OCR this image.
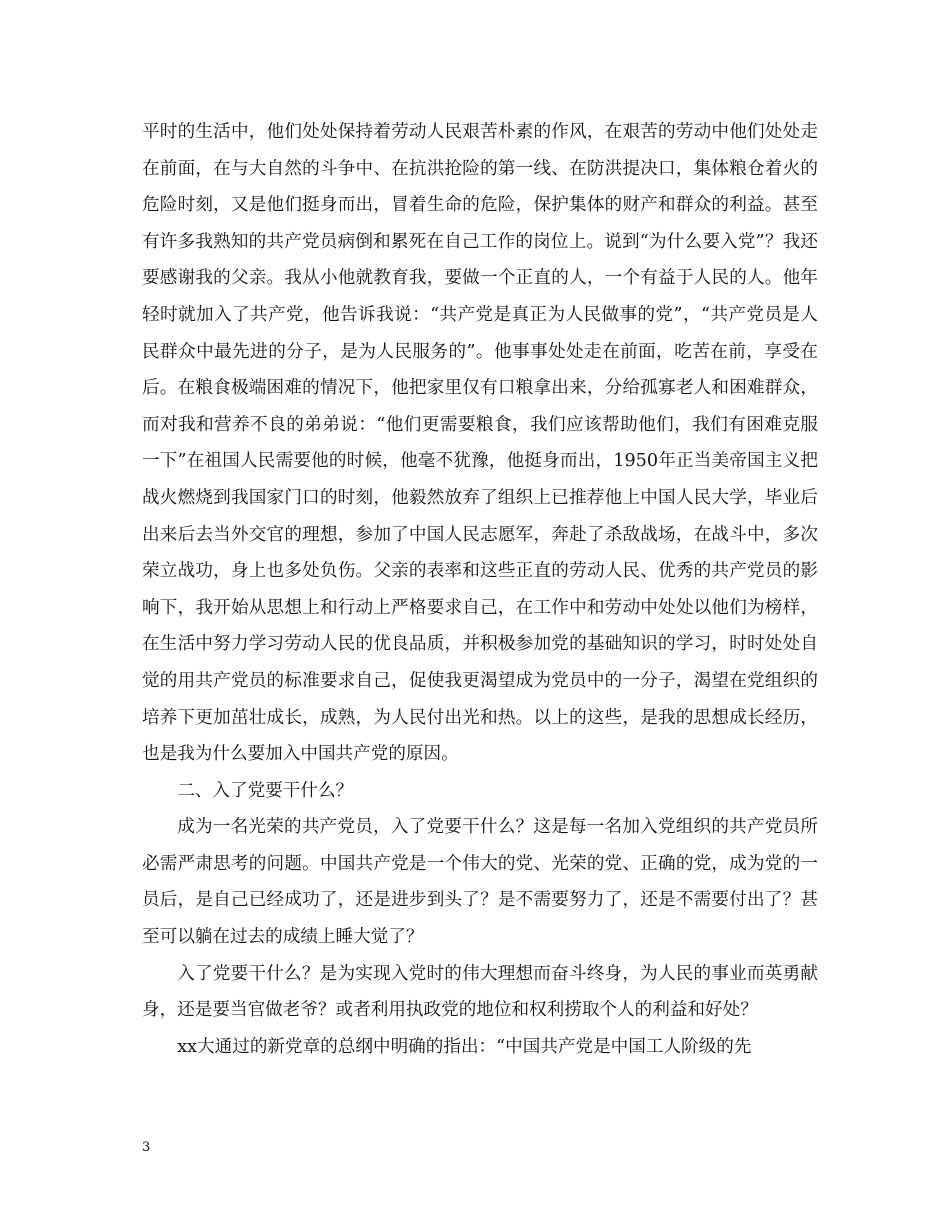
平时的生活中，他们处处保持着劳动人民艰苦朴素的作风，在艰苦的劳动中他们处处走在前面，在与大自然的斗争中、在抗洪抢险的第一线、在防洪提决口，集体粮仓着火的危险时刻，又是他们挺身而出，冒着生命的危险，保护集体的财产和群众的利益。甚至有许多我熟知的共产党员病倒和累死在自己工作的岗位上。说到“为什么要入党”？我还要感谢我的父亲。我从小他就教育我，要做一个正直的人，一个有益于人民的人。他年轻时就加入了共产党，他告诉我说：“共产党是真正为人民做事的党”，“共产党员是人民群众中最先进的分子，是为人民服务的”。他事事处处走在前面，吃苦在前，享受在后。在粮食极端困难的情况下，他把家里仅有口粮拿出来，分给孤寡老人和困难群众，而对我和营养不良的弟弟说：“他们更需要粮食，我们应该帮助他们，我们有困难克服一下”在祖国人民需要他的时候，他毫不犹豫，他挺身而出，1950年正当美帝国主义把战火燃烧到我国家门口的时刻，他毅然放弃了组织上已推荐他上中国人民大学，毕业后出来后去当外交官的理想，参加了中国人民志愿军，奔赴了杀敌战场，在战斗中，多次荣立战功，身上也多处负伤。父亲的表率和这些正直的劳动人民、优秀的共产党员的影响下，我开始从思想上和行动上严格要求自己，在工作中和劳动中处处以他们为榜样，在生活中努力学习劳动人民的优良品质，并积极参加党的基础知识的学习，时时处处自觉的用共产党员的标准要求自己，促使我更渴望成为党员中的一分子，渴望在党组织的培养下更加茁壮成长，成熟，为人民付出光和热。以上的这些，是我的思想成长经历，也是我为什么要加入中国共产党的原因。

二、入了党要干什么？

成为一名光荣的共产党员，入了党要干什么？这是每一名加入党组织的共产党员所必需严肃思考的问题。中国共产党是一个伟大的党、光荣的党、正确的党，成为党的一员后，是自己已经成功了，还是进步到头了？是不需要努力了，还是不需要付出了？甚至可以躺在过去的成绩上睡大觉了？

入了党要干什么？是为实现入党时的伟大理想而奋斗终身，为人民的事业而英勇献身，还是要当官做老爷？或者利用执政党的地位和权利捞取个人的利益和好处？

xx大通过的新党章的总纲中明确的指出：“中国共产党是中国工人阶级的先

3
